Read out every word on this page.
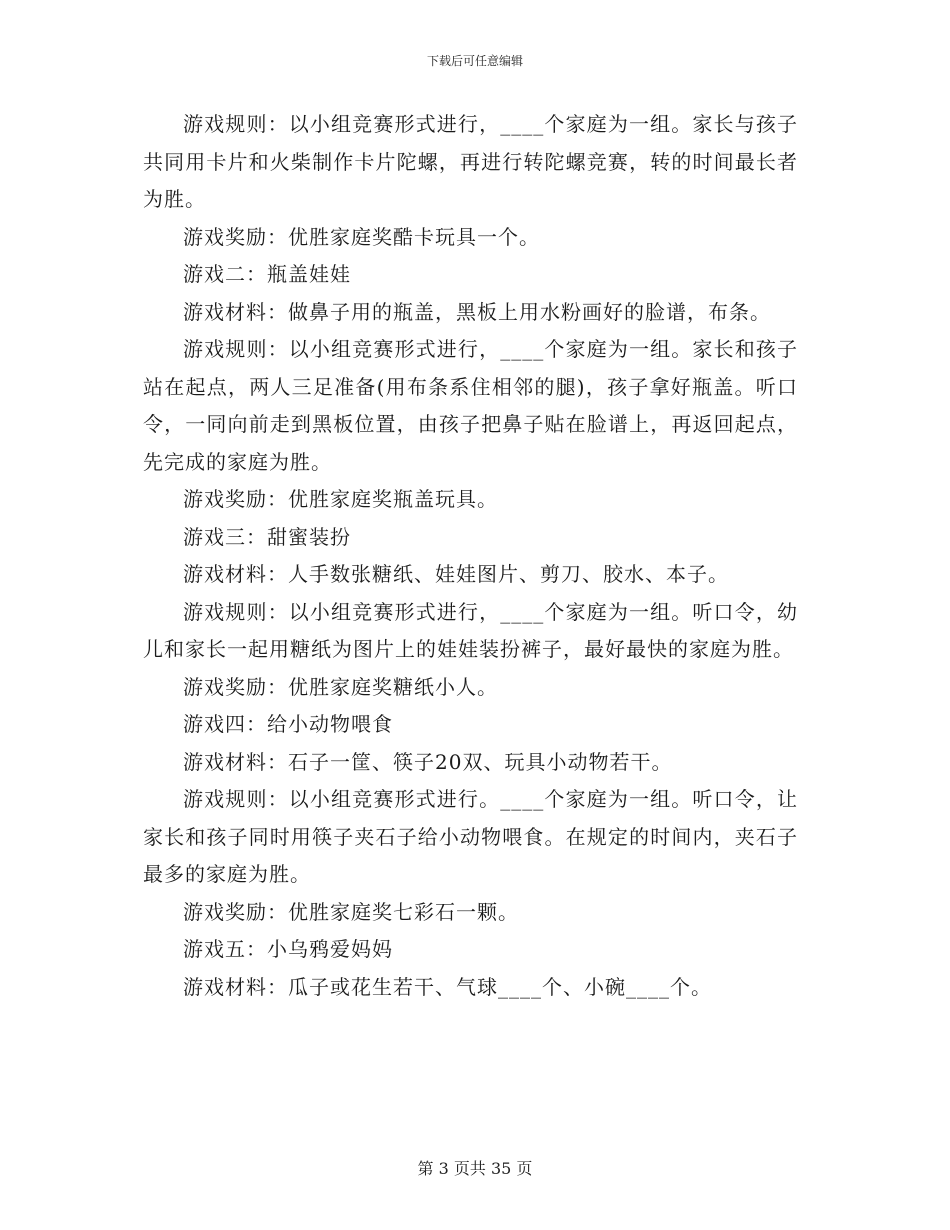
下载后可任意编辑

游戏规则：以小组竞赛形式进行，____个家庭为一组。家长与孩子共同用卡片和火柴制作卡片陀螺，再进行转陀螺竞赛，转的时间最长者为胜。

游戏奖励：优胜家庭奖酷卡玩具一个。

游戏二：瓶盖娃娃

游戏材料：做鼻子用的瓶盖，黑板上用水粉画好的脸谱，布条。

游戏规则：以小组竞赛形式进行，____个家庭为一组。家长和孩子站在起点，两人三足准备(用布条系住相邻的腿)，孩子拿好瓶盖。听口令，一同向前走到黑板位置，由孩子把鼻子贴在脸谱上，再返回起点，先完成的家庭为胜。

游戏奖励：优胜家庭奖瓶盖玩具。

游戏三：甜蜜装扮

游戏材料：人手数张糖纸、娃娃图片、剪刀、胶水、本子。

游戏规则：以小组竞赛形式进行，____个家庭为一组。听口令，幼儿和家长一起用糖纸为图片上的娃娃装扮裤子，最好最快的家庭为胜。

游戏奖励：优胜家庭奖糖纸小人。

游戏四：给小动物喂食

游戏材料：石子一筐、筷子20双、玩具小动物若干。

游戏规则：以小组竞赛形式进行。____个家庭为一组。听口令，让家长和孩子同时用筷子夹石子给小动物喂食。在规定的时间内，夹石子最多的家庭为胜。

游戏奖励：优胜家庭奖七彩石一颗。

游戏五：小乌鸦爱妈妈

游戏材料：瓜子或花生若干、气球____个、小碗____个。

第 3 页共 35 页
